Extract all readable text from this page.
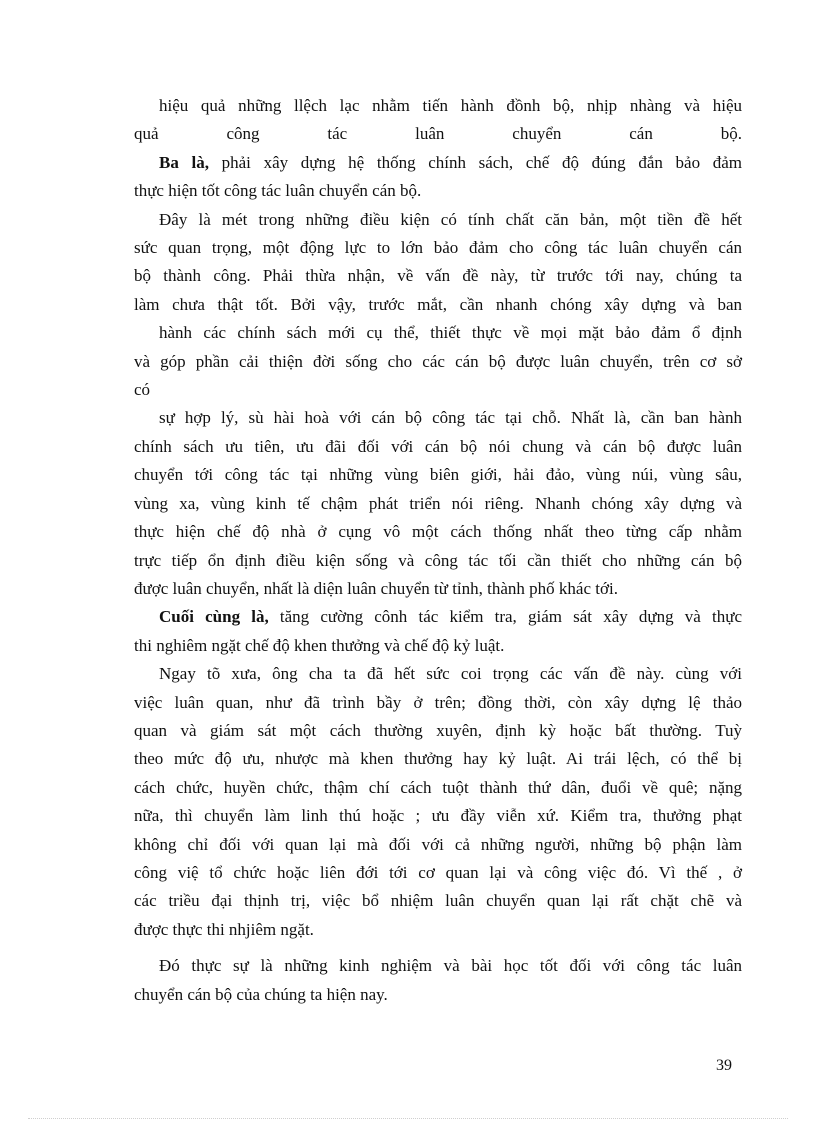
hiệu quả những llệch lạc nhằm tiến hành đồnh bộ, nhịp nhàng và hiệu

quả công tác luân chuyển cán bộ.

Ba là, phải xây dựng hệ thống chính sách, chế độ đúng đắn bảo đảm

thực hiện tốt công tác luân chuyển cán bộ.

Đây là mét trong những điều kiện có tính chất căn bản, một tiền đề hết

sức quan trọng, một động lực to lớn bảo đảm cho công tác luân chuyển cán

bộ thành công. Phải thừa nhận, về vấn đề này, từ trước tới nay, chúng ta

làm chưa thật tốt. Bởi vậy, trước mắt, cần nhanh chóng xây dựng và ban

hành các chính sách mới cụ thể, thiết thực về mọi mặt bảo đảm ổ định

và góp phần cải thiện đời sống cho các cán bộ được luân chuyển, trên cơ sở

có

sự hợp lý, sù hài hoà với cán bộ công tác tại chỗ. Nhất là, cần ban hành

chính sách ưu tiên, ưu đãi đối với cán bộ nói chung và cán bộ được luân

chuyển tới công tác tại những vùng biên giới, hải đảo, vùng núi, vùng sâu,

vùng xa, vùng kinh tế chậm phát triển nói riêng. Nhanh chóng xây dựng và

thực hiện chế độ nhà ở cụng vô một cách thống nhất theo từng cấp nhằm

trực tiếp ổn định điều kiện sống và công tác tối cần thiết cho những cán bộ

được luân chuyển, nhất là diện luân chuyển từ tỉnh, thành phố khác tới.

Cuối cùng là, tăng cường cônh tác kiểm tra, giám sát xây dựng và thực

thi nghiêm ngặt chế độ khen thưởng và chế độ kỷ luật.

Ngay tõ xưa, ông cha ta đã hết sức coi trọng các vấn đề này. cùng với

việc luân quan, như đã trình bầy ở trên; đồng thời, còn xây dựng lệ thảo

quan và giám sát một cách thường xuyên, định kỳ hoặc bất thường. Tuỳ

theo mức độ ưu, nhược mà khen thưởng hay kỷ luật. Ai trái lệch, có thể bị

cách chức, huyền chức, thậm chí cách tuột thành thứ dân, đuổi về quê; nặng

nữa, thì chuyển làm linh thú hoặc ; ưu đầy viễn xứ. Kiểm tra, thưởng phạt

không chỉ đối với quan lại mà đối với cả những người, những bộ phận làm

công việ tổ chức hoặc liên đới tới cơ quan lại và công việc đó. Vì thế , ở

các triều đại thịnh trị, việc bổ nhiệm luân chuyển quan lại rất chặt chẽ và

được thực thi nhjiêm ngặt.

Đó thực sự là những kinh nghiệm và bài học tốt đối với công tác luân

chuyển cán bộ của chúng ta hiện nay.

39
